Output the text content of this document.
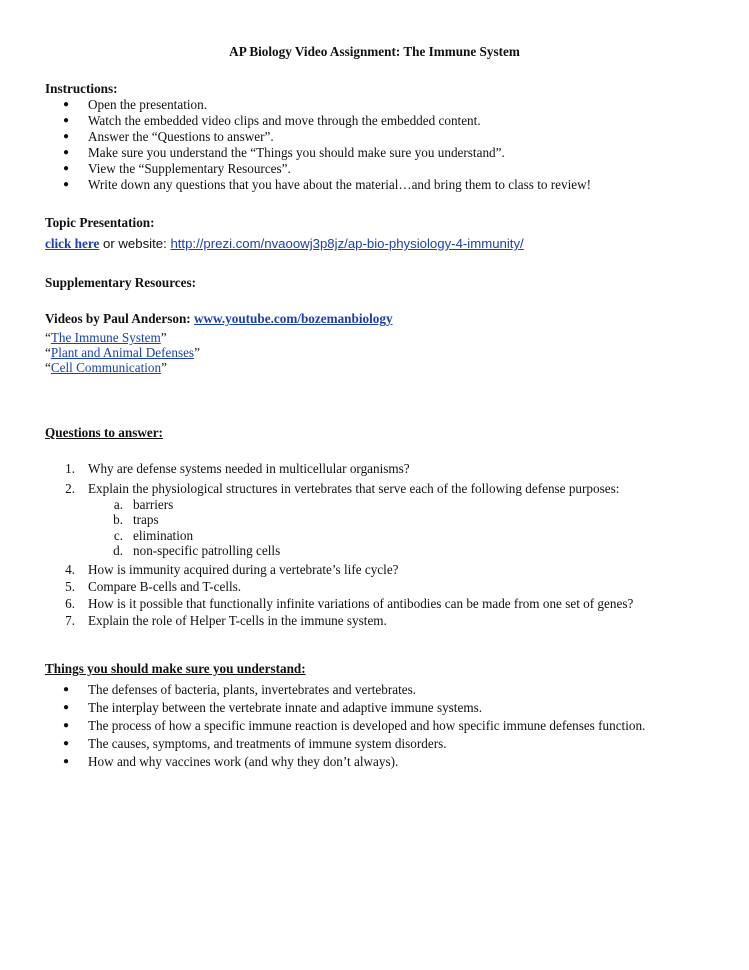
AP Biology Video Assignment: The Immune System
Instructions:
● Open the presentation.
● Watch the embedded video clips and move through the embedded content.
● Answer the “Questions to answer”.
● Make sure you understand the “Things you should make sure you understand”.
● View the “Supplementary Resources”.
● Write down any questions that you have about the material…and bring them to class to review!
Topic Presentation:
click here or website: http://prezi.com/nvaoowj3p8jz/ap-bio-physiology-4-immunity/
Supplementary Resources:
Videos by Paul Anderson: www.youtube.com/bozemanbiology
“The Immune System”
“Plant and Animal Defenses”
“Cell Communication”
Questions to answer:
1. Why are defense systems needed in multicellular organisms?
2. Explain the physiological structures in vertebrates that serve each of the following defense purposes:
a. barriers
b. traps
c. elimination
d. non-specific patrolling cells
4. How is immunity acquired during a vertebrate’s life cycle?
5. Compare B-cells and T-cells.
6. How is it possible that functionally infinite variations of antibodies can be made from one set of genes?
7. Explain the role of Helper T-cells in the immune system.
Things you should make sure you understand:
● The defenses of bacteria, plants, invertebrates and vertebrates.
● The interplay between the vertebrate innate and adaptive immune systems.
● The process of how a specific immune reaction is developed and how specific immune defenses function.
● The causes, symptoms, and treatments of immune system disorders.
● How and why vaccines work (and why they don’t always).
